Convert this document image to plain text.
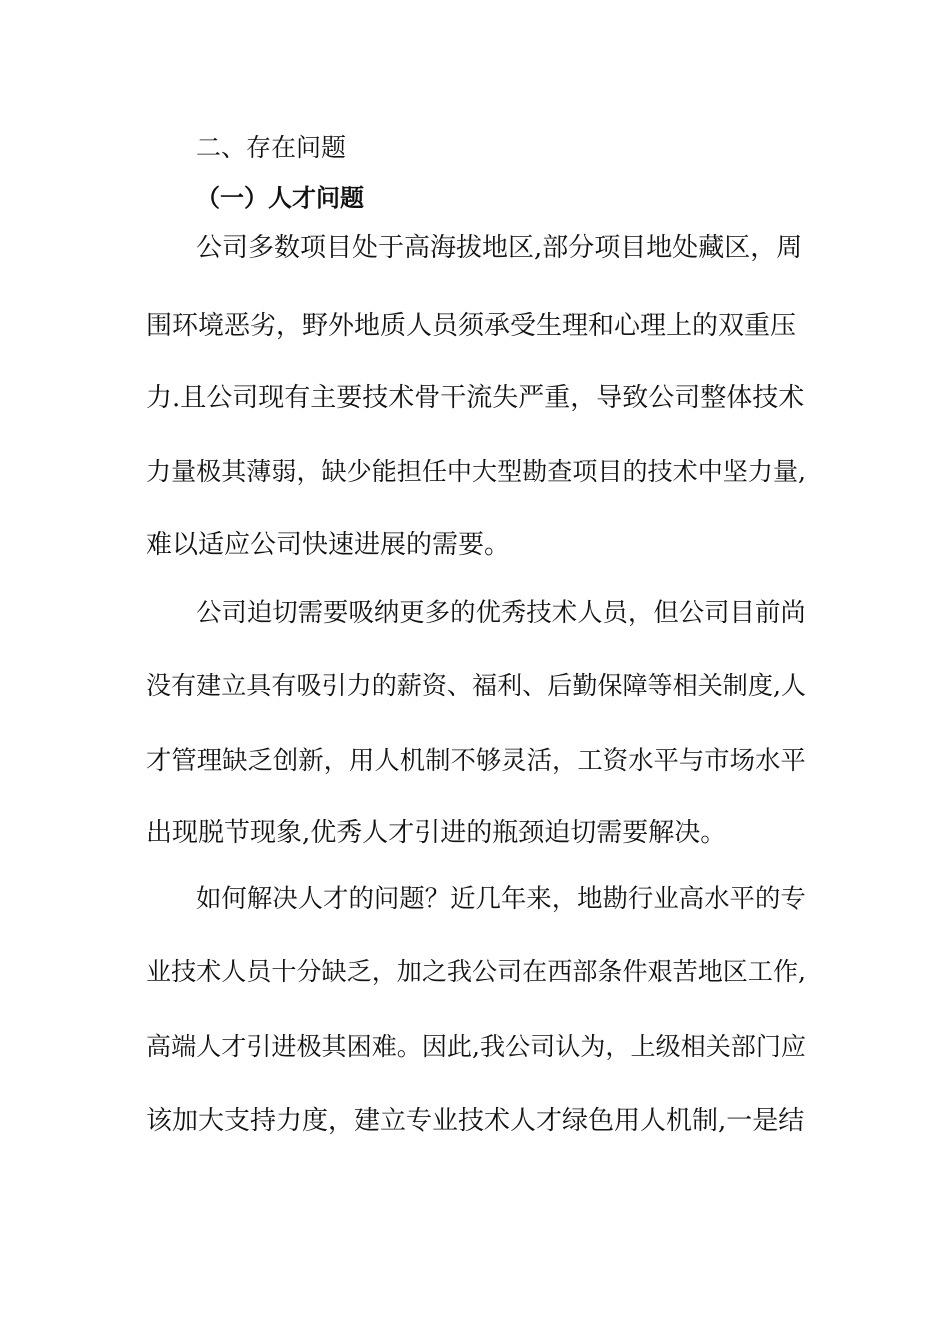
二、存在问题
（一）人才问题
公司多数项目处于高海拔地区,部分项目地处藏区，周
围环境恶劣，野外地质人员须承受生理和心理上的双重压
力.且公司现有主要技术骨干流失严重，导致公司整体技术
力量极其薄弱，缺少能担任中大型勘查项目的技术中坚力量,
难以适应公司快速进展的需要。
公司迫切需要吸纳更多的优秀技术人员，但公司目前尚
没有建立具有吸引力的薪资、福利、后勤保障等相关制度,人
才管理缺乏创新，用人机制不够灵活，工资水平与市场水平
出现脱节现象,优秀人才引进的瓶颈迫切需要解决。
如何解决人才的问题？近几年来，地勘行业高水平的专
业技术人员十分缺乏，加之我公司在西部条件艰苦地区工作,
高端人才引进极其困难。因此,我公司认为，上级相关部门应
该加大支持力度，建立专业技术人才绿色用人机制,一是结
